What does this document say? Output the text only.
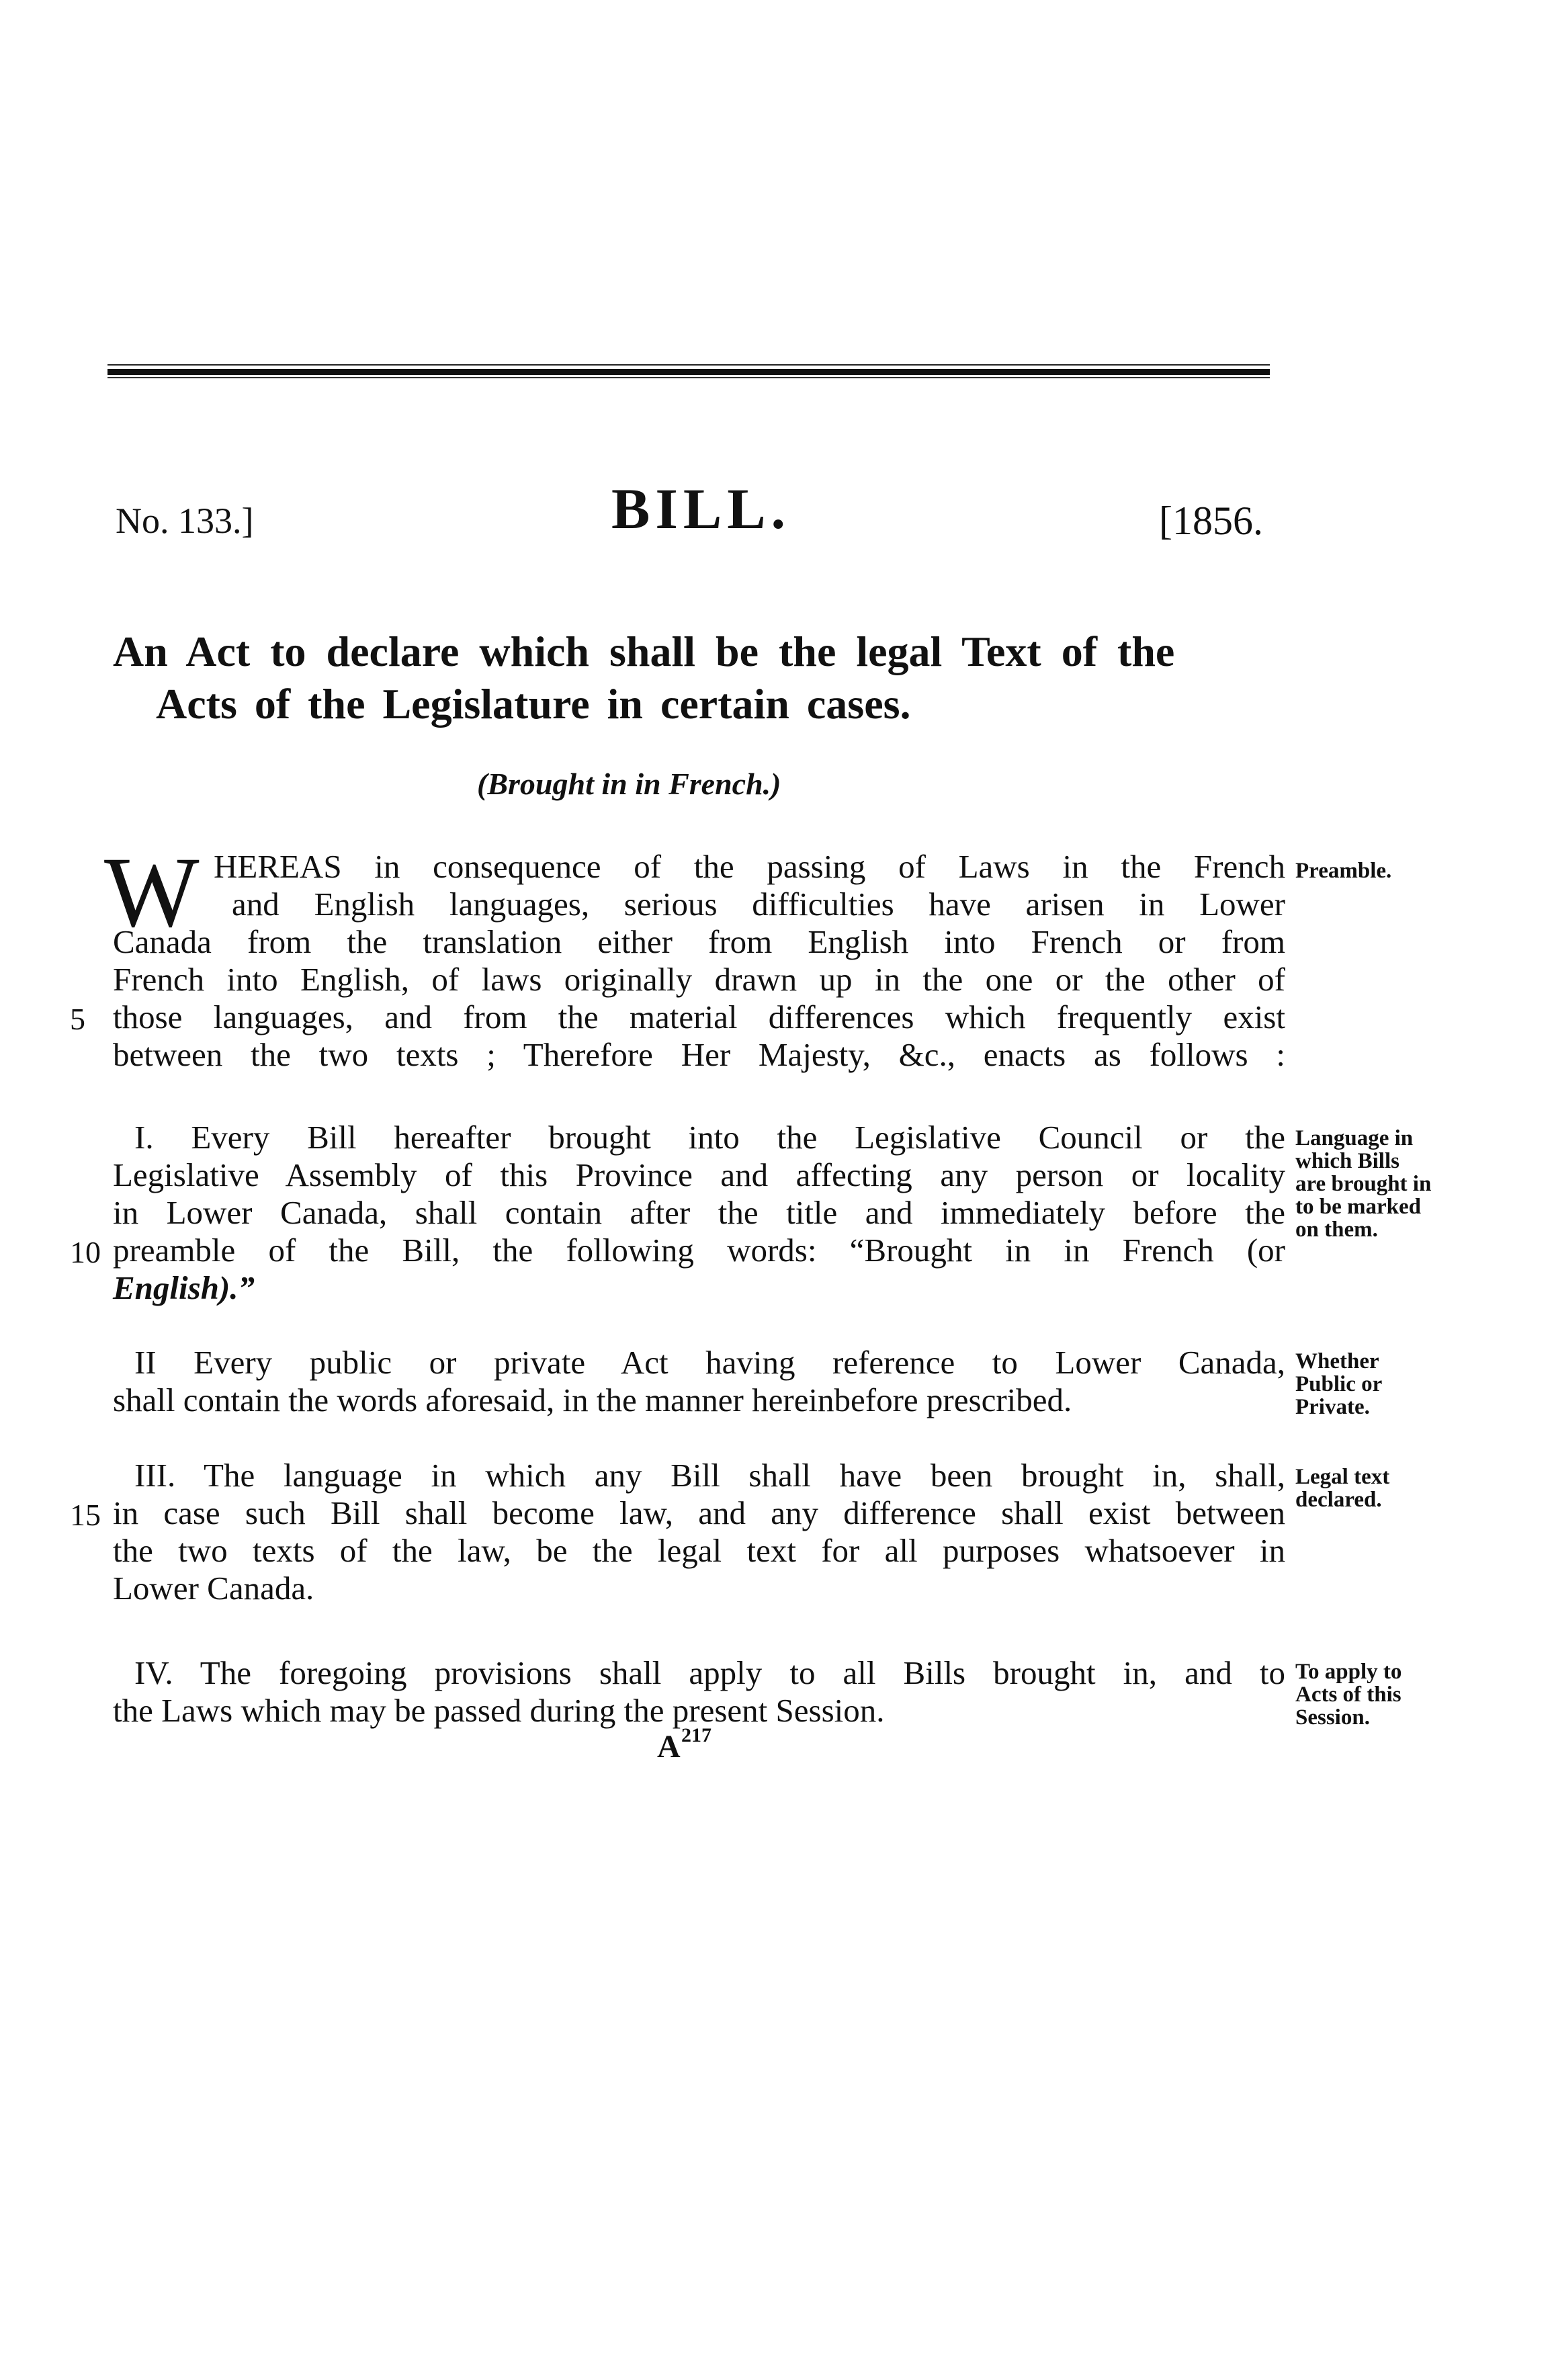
No. 133.]	BILL.	[1856.
An Act to declare which shall be the legal Text of the
Acts of the Legislature in certain cases.
(Brought in in French.)
W HEREAS in consequence of the passing of Laws in the French
and English languages, serious difficulties have arisen in Lower
Canada from the translation either from English into French or from
French into English, of laws originally drawn up in the one or the other of
those languages, and from the material differences which frequently exist
between the two texts ; Therefore Her Majesty, &c., enacts as follows :
5
Preamble.
I. Every Bill hereafter brought into the Legislative Council or the
Legislative Assembly of this Province and affecting any person or locality
in Lower Canada, shall contain after the title and immediately before the
preamble of the Bill, the following words: “Brought in in French (or
English).”
10
Language in
which Bills
are brought in
to be marked
on them.
II Every public or private Act having reference to Lower Canada,
shall contain the words aforesaid, in the manner hereinbefore prescribed.
Whether
Public or
Private.
III. The language in which any Bill shall have been brought in, shall,
in case such Bill shall become law, and any difference shall exist between
the two texts of the law, be the legal text for all purposes whatsoever in
Lower Canada.
15
Legal text
declared.
IV. The foregoing provisions shall apply to all Bills brought in, and to
the Laws which may be passed during the present Session.
To apply to
Acts of this
Session.
A 217
